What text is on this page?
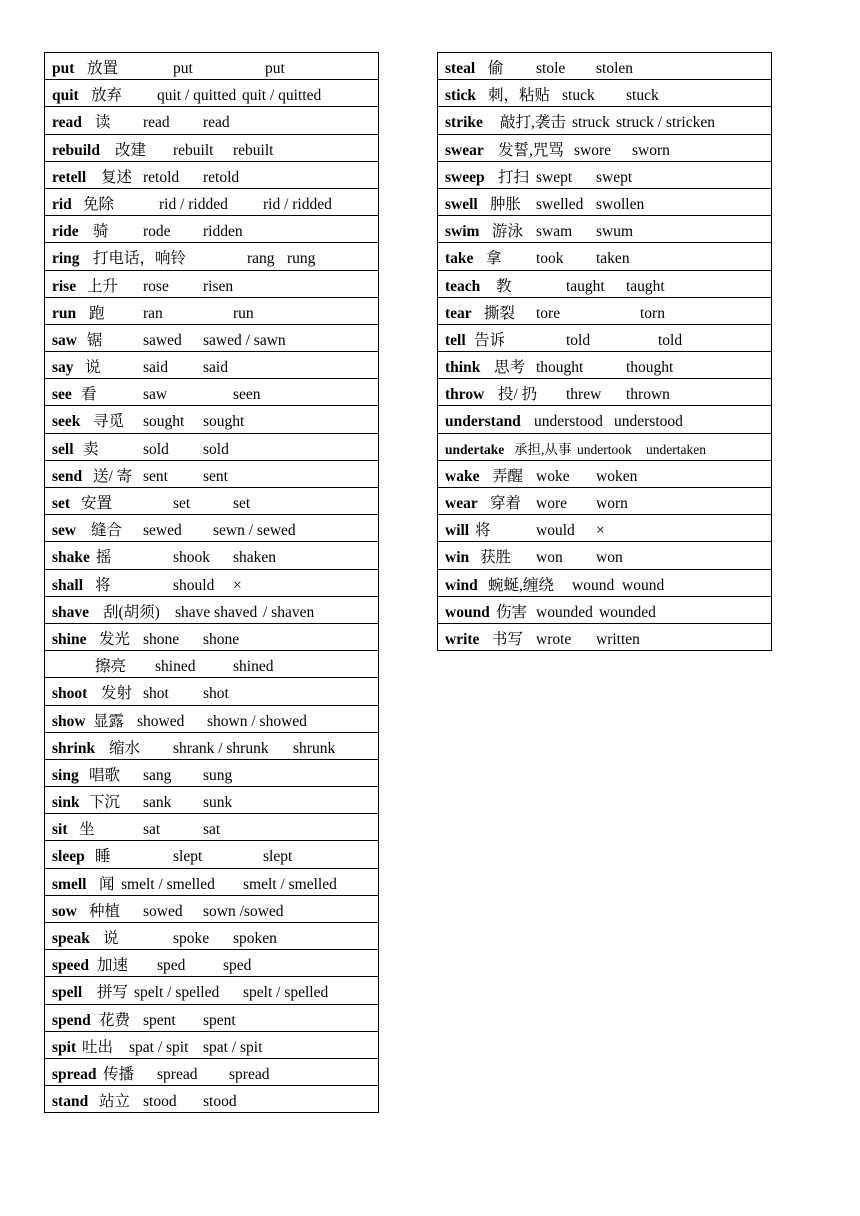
put 放置	put	put
quit 放弃 quit / quitted quit / quitted
read 读 read read
rebuild 改建 rebuilt rebuilt
retell 复述 retold retold
rid 免除	rid / ridded rid / ridded
ride 骑 rode ridden
ring 打电话，响铃	rang rung
rise 上升 rose risen
run 跑 ran	run
saw 锯	sawed sawed / sawn
say 说	said said
see 看	saw	seen
seek 寻觅 sought sought
sell 卖	sold sold
send 送/ 寄 sent sent
set 安置	set	set
sew 缝合 sewed sewn / sewed
shake 摇	shook shaken
shall 将	should ×
shave 刮(胡须) shave shaved / shaven
shine 发光 shone shone
擦亮 shined shined
shoot 发射 shot shot
show 显露 showed shown / showed
shrink 缩水 shrank / shrunk shrunk
sing 唱歌 sang sung
sink 下沉 sank sunk
sit 坐	sat	sat
sleep 睡	slept	slept
smell 闻 smelt / smelled smelt / smelled
sow 种植 sowed sown /sowed
speak 说	spoke spoken
speed 加速 sped sped
spell 拼写 spelt / spelled spelt / spelled
spend 花费 spent spent
spit 吐出 spat / spit spat / spit
spread 传播 spread spread
stand 站立 stood stood
steal 偷 stole stolen
stick 刺，粘贴 stuck stuck
strike 敲打,袭击 struck struck / stricken
swear 发誓,咒骂 swore sworn
sweep 打扫 swept swept
swell 肿胀 swelled swollen
swim 游泳 swam swum
take 拿 took taken
teach 教	taught taught
tear 撕裂 tore	torn
tell 告诉	told	told
think 思考 thought	thought
throw 投/ 扔 threw thrown
understand understood understood
undertake 承担,从事 undertook undertaken
wake 弄醒 woke woken
wear 穿着 wore worn
will 将	would ×
win 获胜 won won
wind 蜿蜒,缠绕 wound wound
wound 伤害 wounded wounded
write 书写 wrote written
